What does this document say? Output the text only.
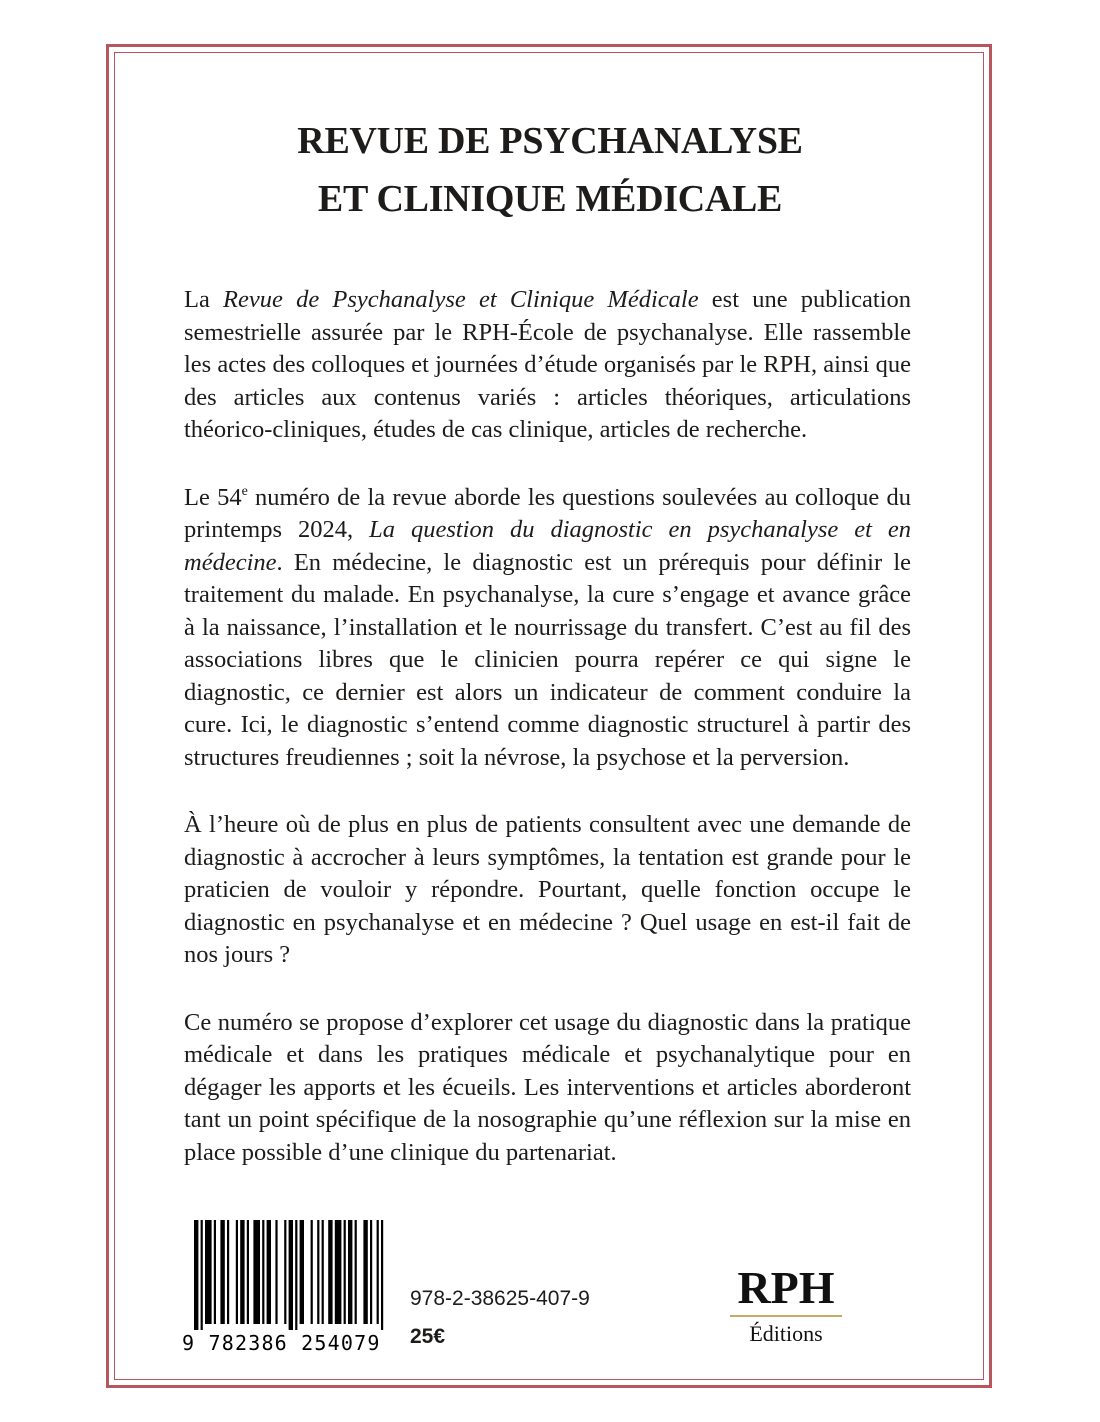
REVUE DE PSYCHANALYSE
ET CLINIQUE MÉDICALE

La Revue de Psychanalyse et Clinique Médicale est une publication semestrielle assurée par le RPH-École de psychanalyse. Elle rassemble les actes des colloques et journées d’étude organisés par le RPH, ainsi que des articles aux contenus variés : articles théoriques, articulations théorico-cliniques, études de cas clinique, articles de recherche.

Le 54e numéro de la revue aborde les questions soulevées au colloque du printemps 2024, La question du diagnostic en psychanalyse et en médecine. En médecine, le diagnostic est un prérequis pour définir le traitement du malade. En psychanalyse, la cure s’engage et avance grâce à la naissance, l’installation et le nourrissage du transfert. C’est au fil des associations libres que le clinicien pourra repérer ce qui signe le diagnostic, ce dernier est alors un indicateur de comment conduire la cure. Ici, le diagnostic s’entend comme diagnostic structurel à partir des structures freudiennes ; soit la névrose, la psychose et la perversion.

À l’heure où de plus en plus de patients consultent avec une demande de diagnostic à accrocher à leurs symptômes, la tentation est grande pour le praticien de vouloir y répondre. Pourtant, quelle fonction occupe le diagnostic en psychanalyse et en médecine ? Quel usage en est-il fait de nos jours ?

Ce numéro se propose d’explorer cet usage du diagnostic dans la pratique médicale et dans les pratiques médicale et psychanalytique pour en dégager les apports et les écueils. Les interventions et articles aborderont tant un point spécifique de la nosographie qu’une réflexion sur la mise en place possible d’une clinique du partenariat.

9 782386 254079

978-2-38625-407-9

25€

RPH
Éditions
